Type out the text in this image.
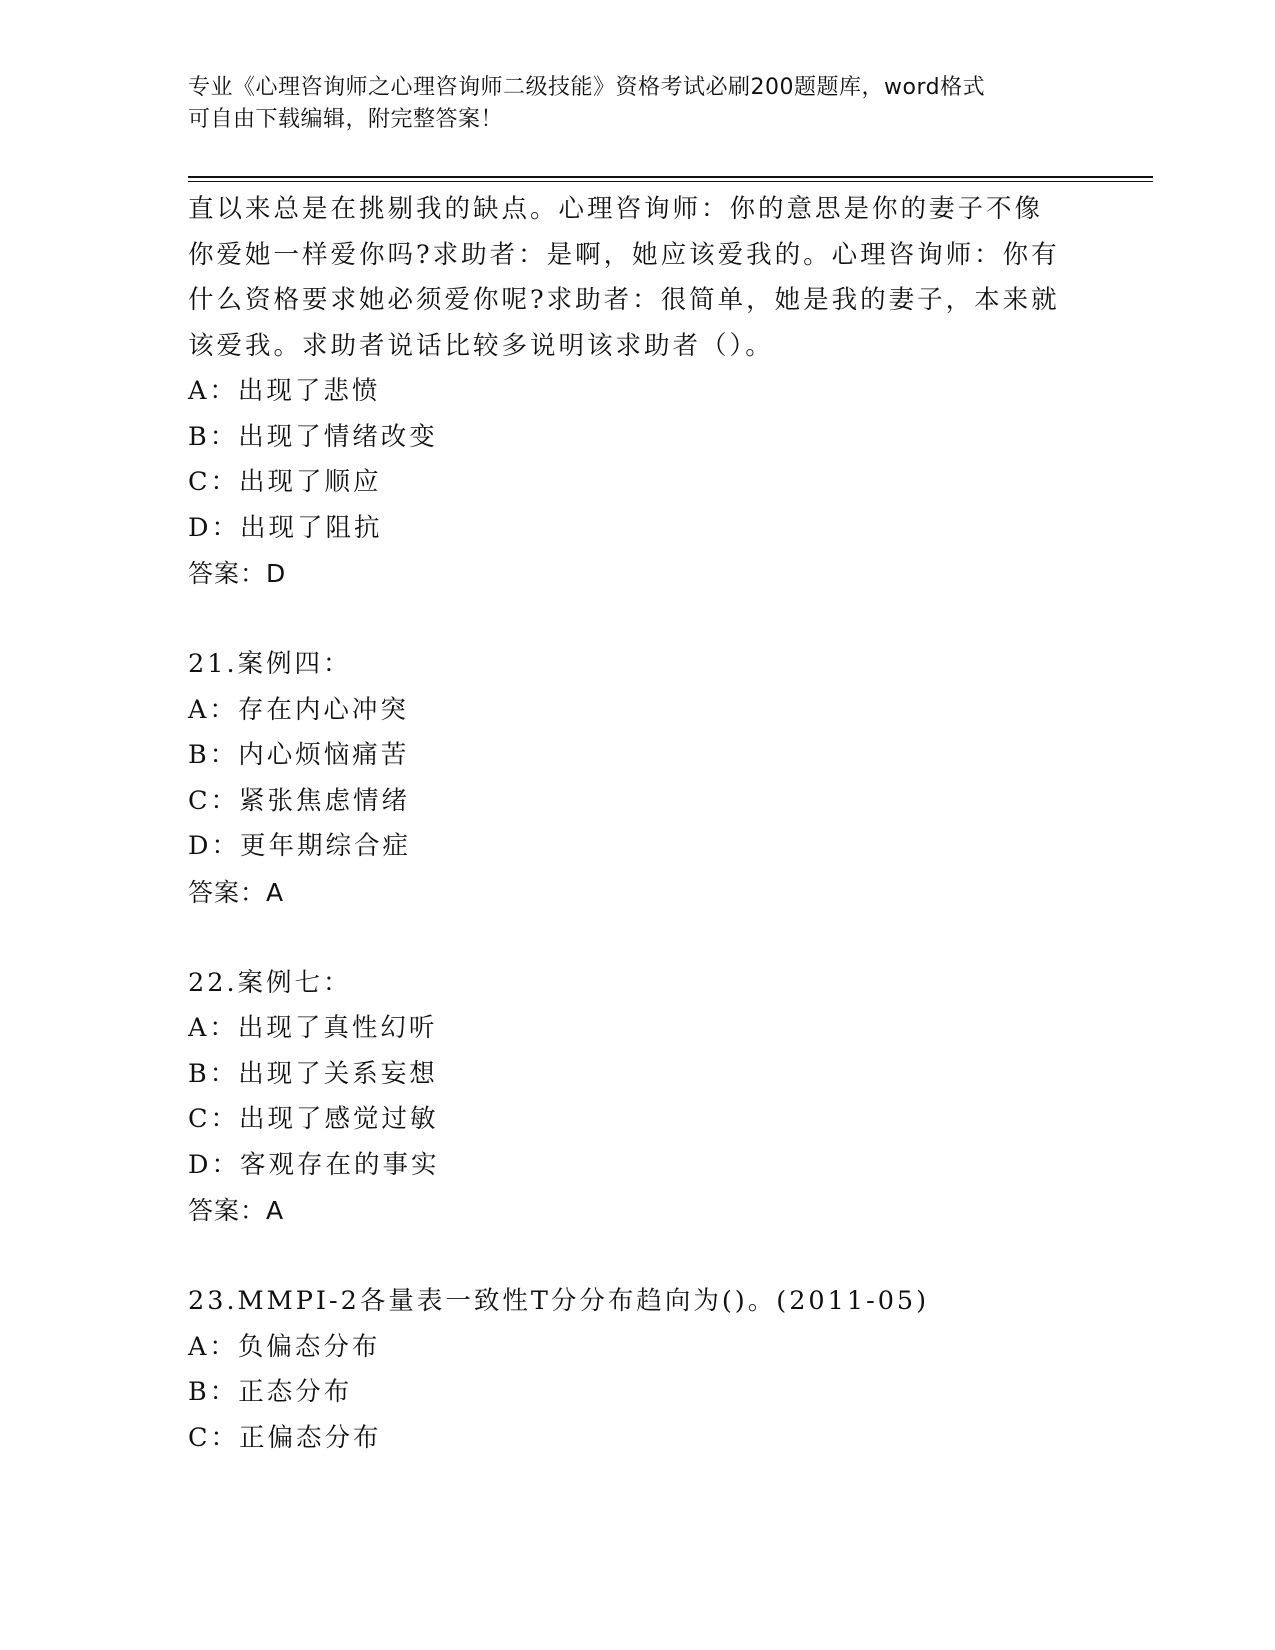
专业《心理咨询师之心理咨询师二级技能》资格考试必刷200题题库，word格式
可自由下载编辑，附完整答案！
直以来总是在挑剔我的缺点。心理咨询师：你的意思是你的妻子不像
你爱她一样爱你吗?求助者：是啊，她应该爱我的。心理咨询师：你有
什么资格要求她必须爱你呢?求助者：很简单，她是我的妻子，本来就
该爱我。求助者说话比较多说明该求助者（）。
A：出现了悲愤
B：出现了情绪改变
C：出现了顺应
D：出现了阻抗
答案：D
21.案例四：
A：存在内心冲突
B：内心烦恼痛苦
C：紧张焦虑情绪
D：更年期综合症
答案：A
22.案例七：
A：出现了真性幻听
B：出现了关系妄想
C：出现了感觉过敏
D：客观存在的事实
答案：A
23.MMPI-2各量表一致性T分分布趋向为()。(2011-05)
A：负偏态分布
B：正态分布
C：正偏态分布
